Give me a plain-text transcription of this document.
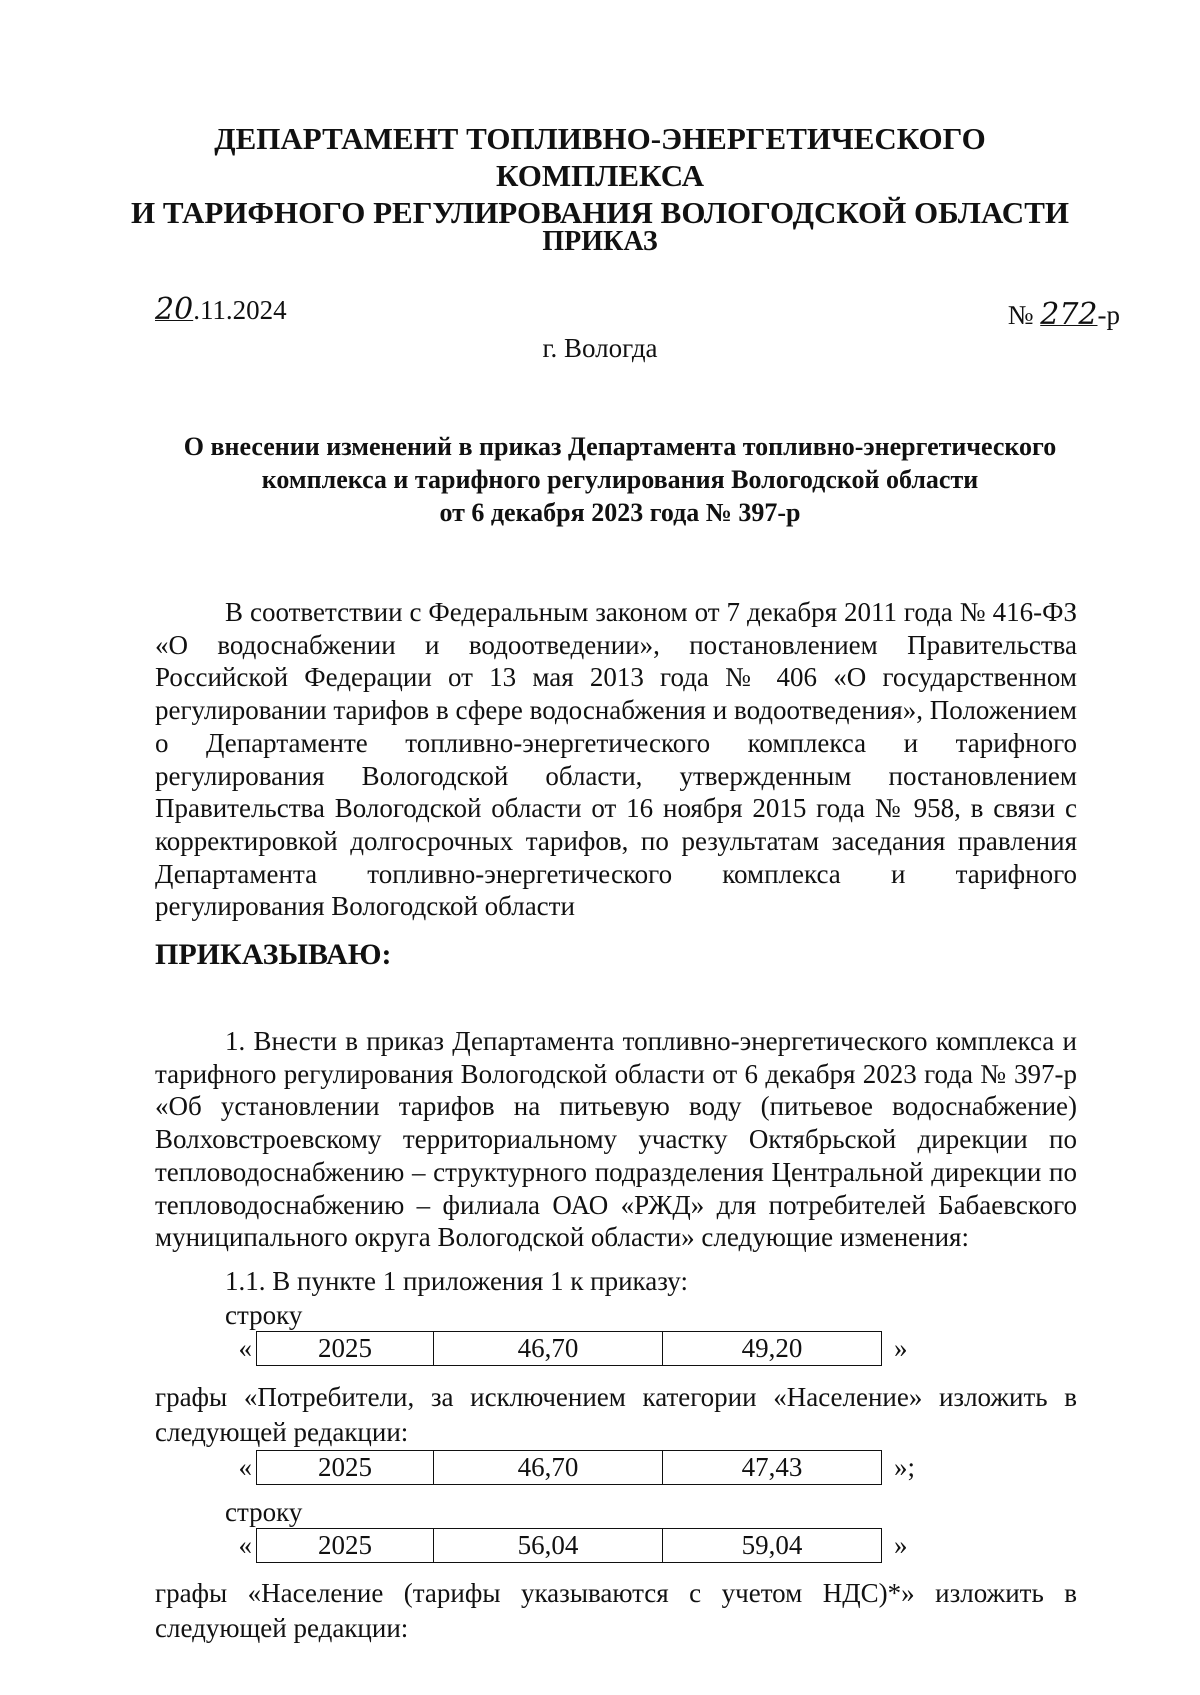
ДЕПАРТАМЕНТ ТОПЛИВНО-ЭНЕРГЕТИЧЕСКОГО КОМПЛЕКСА
И ТАРИФНОГО РЕГУЛИРОВАНИЯ ВОЛОГОДСКОЙ ОБЛАСТИ
ПРИКАЗ
20.11.2024	№ 272-р
г. Вологда
О внесении изменений в приказ Департамента топливно-энергетического
комплекса и тарифного регулирования Вологодской области
от 6 декабря 2023 года № 397-р
В соответствии с Федеральным законом от 7 декабря 2011 года № 416-ФЗ «О водоснабжении и водоотведении», постановлением Правительства Российской Федерации от 13 мая 2013 года № 406 «О государственном регулировании тарифов в сфере водоснабжения и водоотведения», Положением о Департаменте топливно-энергетического комплекса и тарифного регулирования Вологодской области, утвержденным постановлением Правительства Вологодской области от 16 ноября 2015 года № 958, в связи с корректировкой долгосрочных тарифов, по результатам заседания правления Департамента топливно-энергетического комплекса и тарифного регулирования Вологодской области
ПРИКАЗЫВАЮ:
1. Внести в приказ Департамента топливно-энергетического комплекса и тарифного регулирования Вологодской области от 6 декабря 2023 года № 397-р «Об установлении тарифов на питьевую воду (питьевое водоснабжение) Волховстроевскому территориальному участку Октябрьской дирекции по тепловодоснабжению – структурного подразделения Центральной дирекции по тепловодоснабжению – филиала ОАО «РЖД» для потребителей Бабаевского муниципального округа Вологодской области» следующие изменения:
1.1. В пункте 1 приложения 1 к приказу:
строку
«	2025	46,70	49,20	»
графы «Потребители, за исключением категории «Население» изложить в
следующей редакции:
«	2025	46,70	47,43	»;
строку
«	2025	56,04	59,04	»
графы «Население (тарифы указываются с учетом НДС)*» изложить в
следующей редакции:
